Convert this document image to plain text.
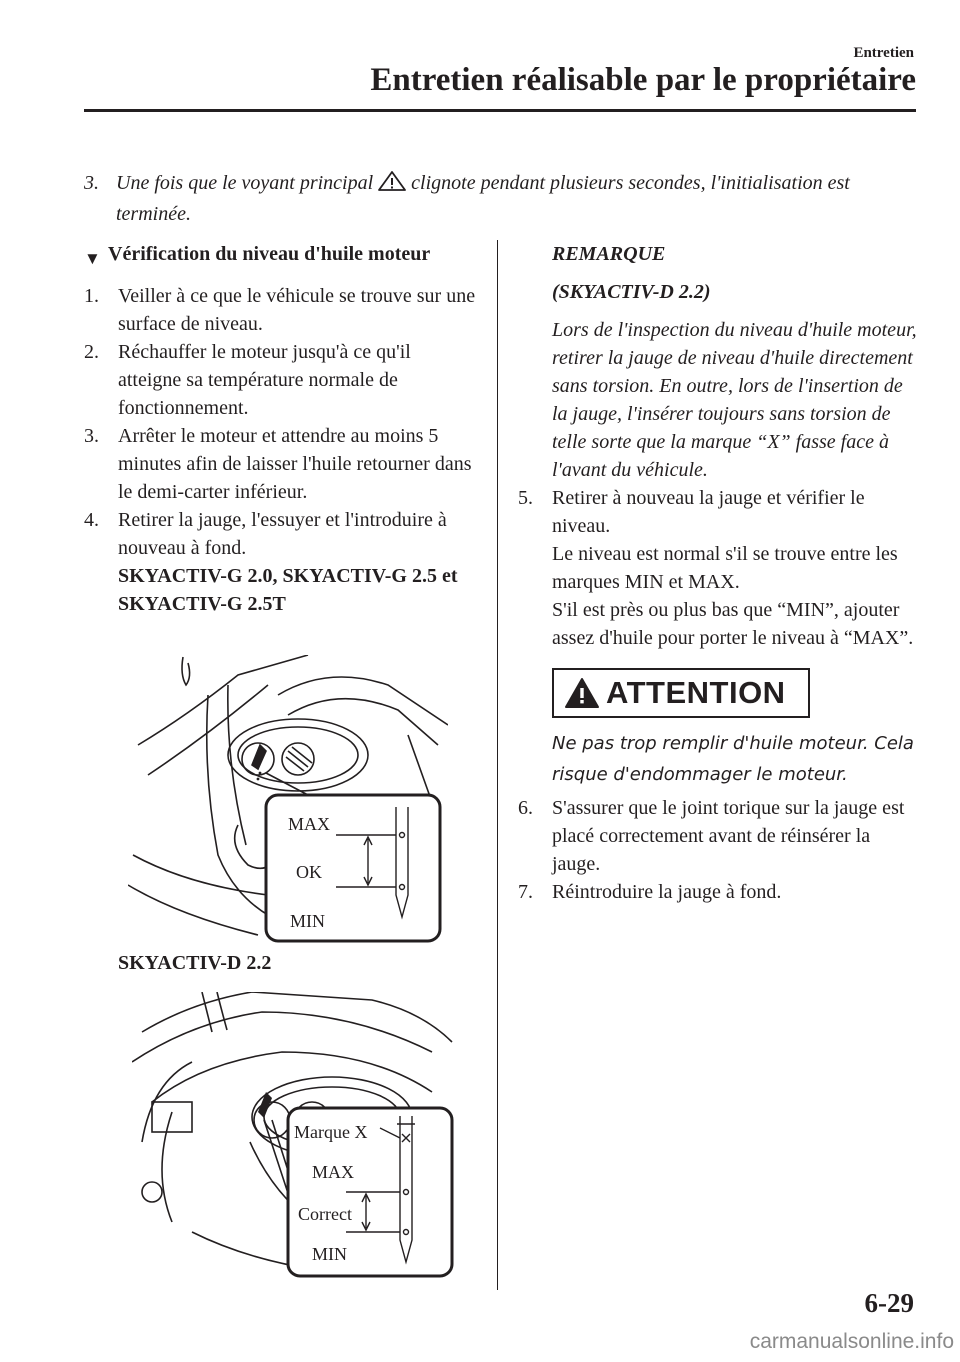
Entretien
Entretien réalisable par le propriétaire
3. Une fois que le voyant principal clignote pendant plusieurs secondes, l'initialisation est terminée.
▼ Vérification du niveau d'huile moteur
1. Veiller à ce que le véhicule se trouve sur une surface de niveau.
2. Réchauffer le moteur jusqu'à ce qu'il atteigne sa température normale de fonctionnement.
3. Arrêter le moteur et attendre au moins 5 minutes afin de laisser l'huile retourner dans le demi-carter inférieur.
4. Retirer la jauge, l'essuyer et l'introduire à nouveau à fond.
SKYACTIV-G 2.0, SKYACTIV-G 2.5 et SKYACTIV-G 2.5T
MAX
OK
MIN
SKYACTIV-D 2.2
Marque X
MAX
Correct
MIN
REMARQUE
(SKYACTIV-D 2.2)
Lors de l'inspection du niveau d'huile moteur, retirer la jauge de niveau d'huile directement sans torsion. En outre, lors de l'insertion de la jauge, l'insérer toujours sans torsion de telle sorte que la marque “X” fasse face à l'avant du véhicule.
5. Retirer à nouveau la jauge et vérifier le niveau.
Le niveau est normal s'il se trouve entre les marques MIN et MAX.
S'il est près ou plus bas que “MIN”, ajouter assez d'huile pour porter le niveau à “MAX”.
ATTENTION
Ne pas trop remplir d'huile moteur. Cela risque d'endommager le moteur.
6. S'assurer que le joint torique sur la jauge est placé correctement avant de réinsérer la jauge.
7. Réintroduire la jauge à fond.
6-29
carmanualsonline.info
